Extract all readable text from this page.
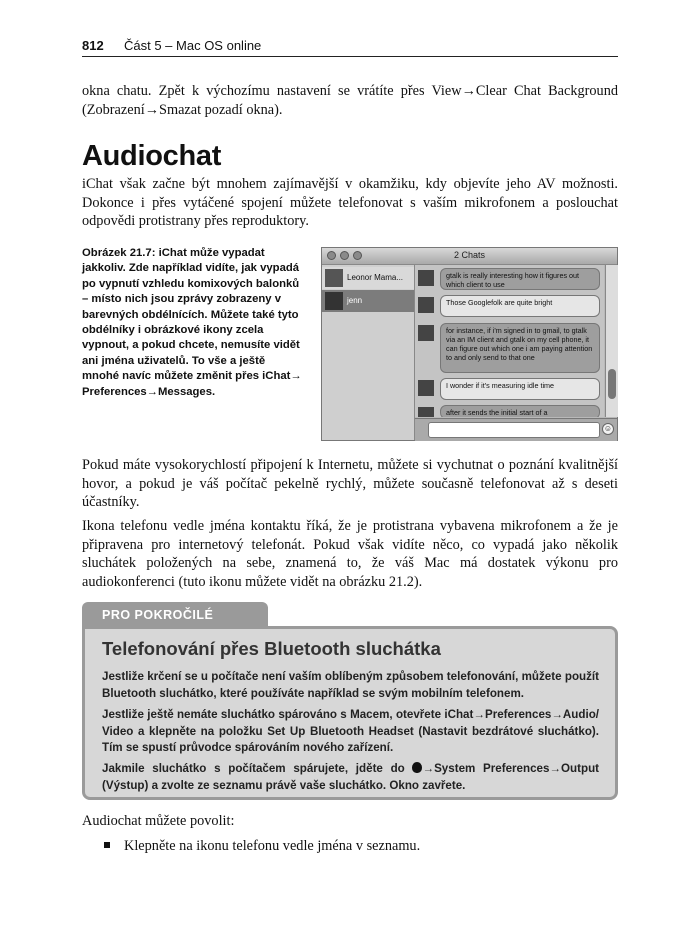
812 Část 5 – Mac OS online

okna chatu. Zpět k výchozímu nastavení se vrátíte přes View→Clear Chat Background (Zobrazení→Smazat pozadí okna).

Audiochat

iChat však začne být mnohem zajímavější v okamžiku, kdy objevíte jeho AV možnosti. Dokonce i přes vytáčené spojení můžete telefonovat s vaším mikrofonem a poslouchat odpovědi protistrany přes reproduktory.

Obrázek 21.7: iChat může vypadat jakkoliv. Zde například vidíte, jak vypadá po vypnutí vzhledu komixových balonků – místo nich jsou zprávy zobrazeny v barevných obdélnících. Můžete také tyto obdélníky i obrázkové ikony zcela vypnout, a pokud chcete, nemusíte vidět ani jména uživatelů. To vše a ještě mnohé navíc můžete změnit přes iChat→ Preferences→Messages.
2 Chats
Leonor Mama...
jenn
gtalk is really interesting how it figures out which client to use
Those Googlefolk are quite bright
for instance, if i'm signed in to gmail, to gtalk via an IM client and gtalk on my cell phone, it can figure out which one i am paying attention to and only send to that one
I wonder if it's measuring idle time
after it sends the initial start of a
☺

Pokud máte vysokorychlostí připojení k Internetu, můžete si vychutnat o poznání kvalitnější hovor, a pokud je váš počítač pekelně rychlý, můžete současně telefonovat až s deseti účastníky.

Ikona telefonu vedle jména kontaktu říká, že je protistrana vybavena mikrofonem a že je připravena pro internetový telefonát. Pokud však vidíte něco, co vypadá jako několik sluchátek položených na sebe, znamená to, že váš Mac má dostatek výkonu pro audiokonferenci (tuto ikonu můžete vidět na obrázku 21.2).

PRO POKROČILÉ
Telefonování přes Bluetooth sluchátka
Jestliže krčení se u počítače není vaším oblíbeným způsobem telefonování, můžete použít Bluetooth sluchátko, které používáte například se svým mobilním telefonem.
Jestliže ještě nemáte sluchátko spárováno s Macem, otevřete iChat→Preferences→Audio/ Video a klepněte na položku Set Up Bluetooth Headset (Nastavit bezdrátové sluchátko). Tím se spustí průvodce spárováním nového zařízení.
Jakmile sluchátko s počítačem spárujete, jděte do →System Preferences→Output (Výstup) a zvolte ze seznamu právě vaše sluchátko. Okno zavřete.

Audiochat můžete povolit:

Klepněte na ikonu telefonu vedle jména v seznamu.
